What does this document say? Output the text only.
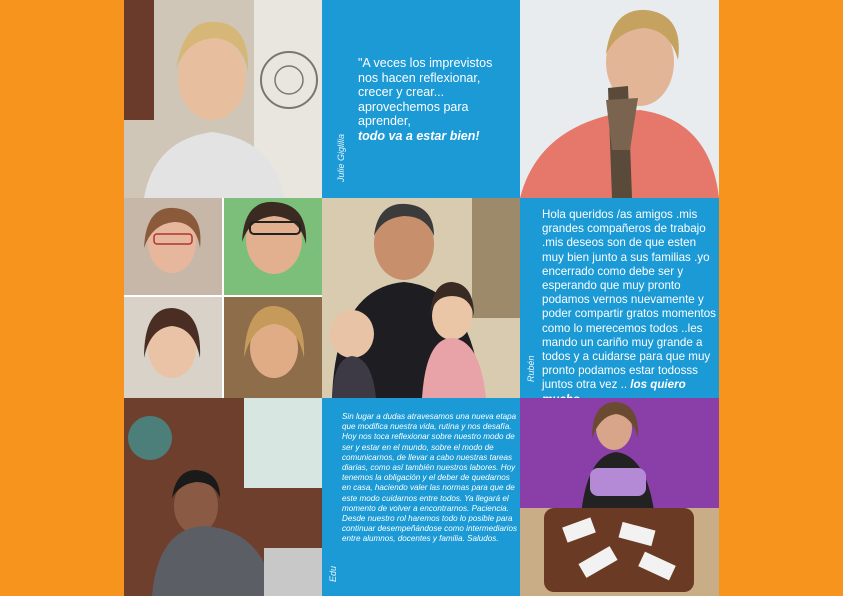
"A veces los imprevistos nos hacen reflexionar, crecer y crear... aprovechemos para aprender,
todo va a estar bien!
Julie Giglilia
Hola queridos /as amigos .mis grandes compañeros de trabajo .mis deseos son de que esten muy bien junto a sus familias .yo encerrado como debe ser y esperando que muy pronto podamos vernos nuevamente y poder compartir gratos momentos como lo merecemos todos ..les mando un cariño muy grande a todos y a cuidarse para que muy pronto podamos estar todosss juntos otra vez .. los quiero
Rubén
Sin lugar a dudas atravesamos una nueva etapa que modifica nuestra vida, rutina y nos desafía. Hoy nos toca reflexionar sobre nuestro modo de ser y estar en el mundo, sobre el modo de comunicarnos, de llevar a cabo nuestras tareas diarias, como así también nuestros labores. Hoy tenemos la obligación y el deber de quedarnos en casa, haciendo valer las normas para que de este modo cuidarnos entre todos. Ya llegará el momento de volver a encontrarnos. Paciencia. Desde nuestro rol haremos todo lo posible para continuar desempeñándose como intermediarios entre alumnos, docentes y familia. Saludos.
Edu
